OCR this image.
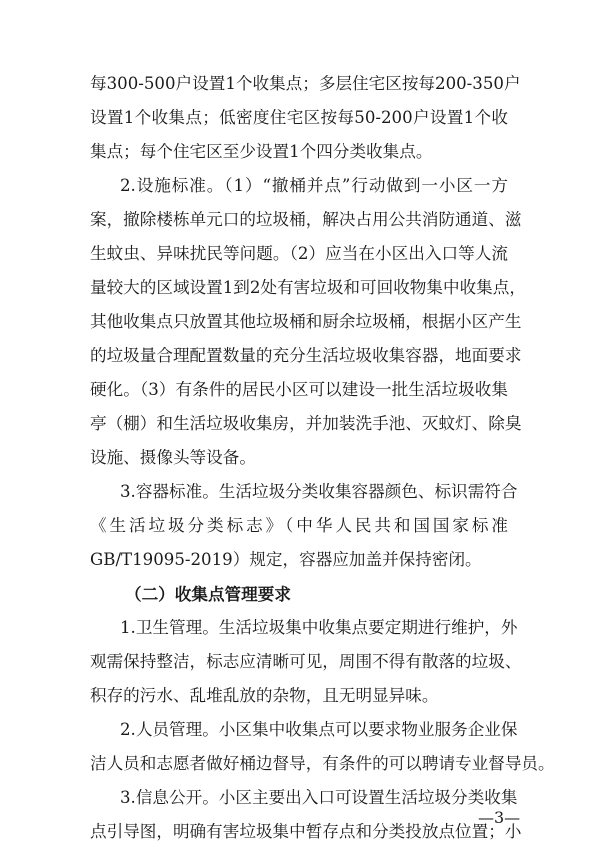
每300-500户设置1个收集点；多层住宅区按每200-350户
设置1个收集点；低密度住宅区按每50-200户设置1个收
集点；每个住宅区至少设置1个四分类收集点。
2.设施标准。（1）“撤桶并点”行动做到一小区一方
案，撤除楼栋单元口的垃圾桶，解决占用公共消防通道、滋
生蚊虫、异味扰民等问题。（2）应当在小区出入口等人流
量较大的区域设置1到2处有害垃圾和可回收物集中收集点，
其他收集点只放置其他垃圾桶和厨余垃圾桶，根据小区产生
的垃圾量合理配置数量的充分生活垃圾收集容器，地面要求
硬化。（3）有条件的居民小区可以建设一批生活垃圾收集
亭（棚）和生活垃圾收集房，并加装洗手池、灭蚊灯、除臭
设施、摄像头等设备。
3.容器标准。生活垃圾分类收集容器颜色、标识需符合
《生活垃圾分类标志》（中华人民共和国国家标准
GB/T19095-2019）规定，容器应加盖并保持密闭。
（二）收集点管理要求
1.卫生管理。生活垃圾集中收集点要定期进行维护，外
观需保持整洁，标志应清晰可见，周围不得有散落的垃圾、
积存的污水、乱堆乱放的杂物，且无明显异味。
2.人员管理。小区集中收集点可以要求物业服务企业保
洁人员和志愿者做好桶边督导，有条件的可以聘请专业督导员。
3.信息公开。小区主要出入口可设置生活垃圾分类收集
点引导图，明确有害垃圾集中暂存点和分类投放点位置；小
—3—
